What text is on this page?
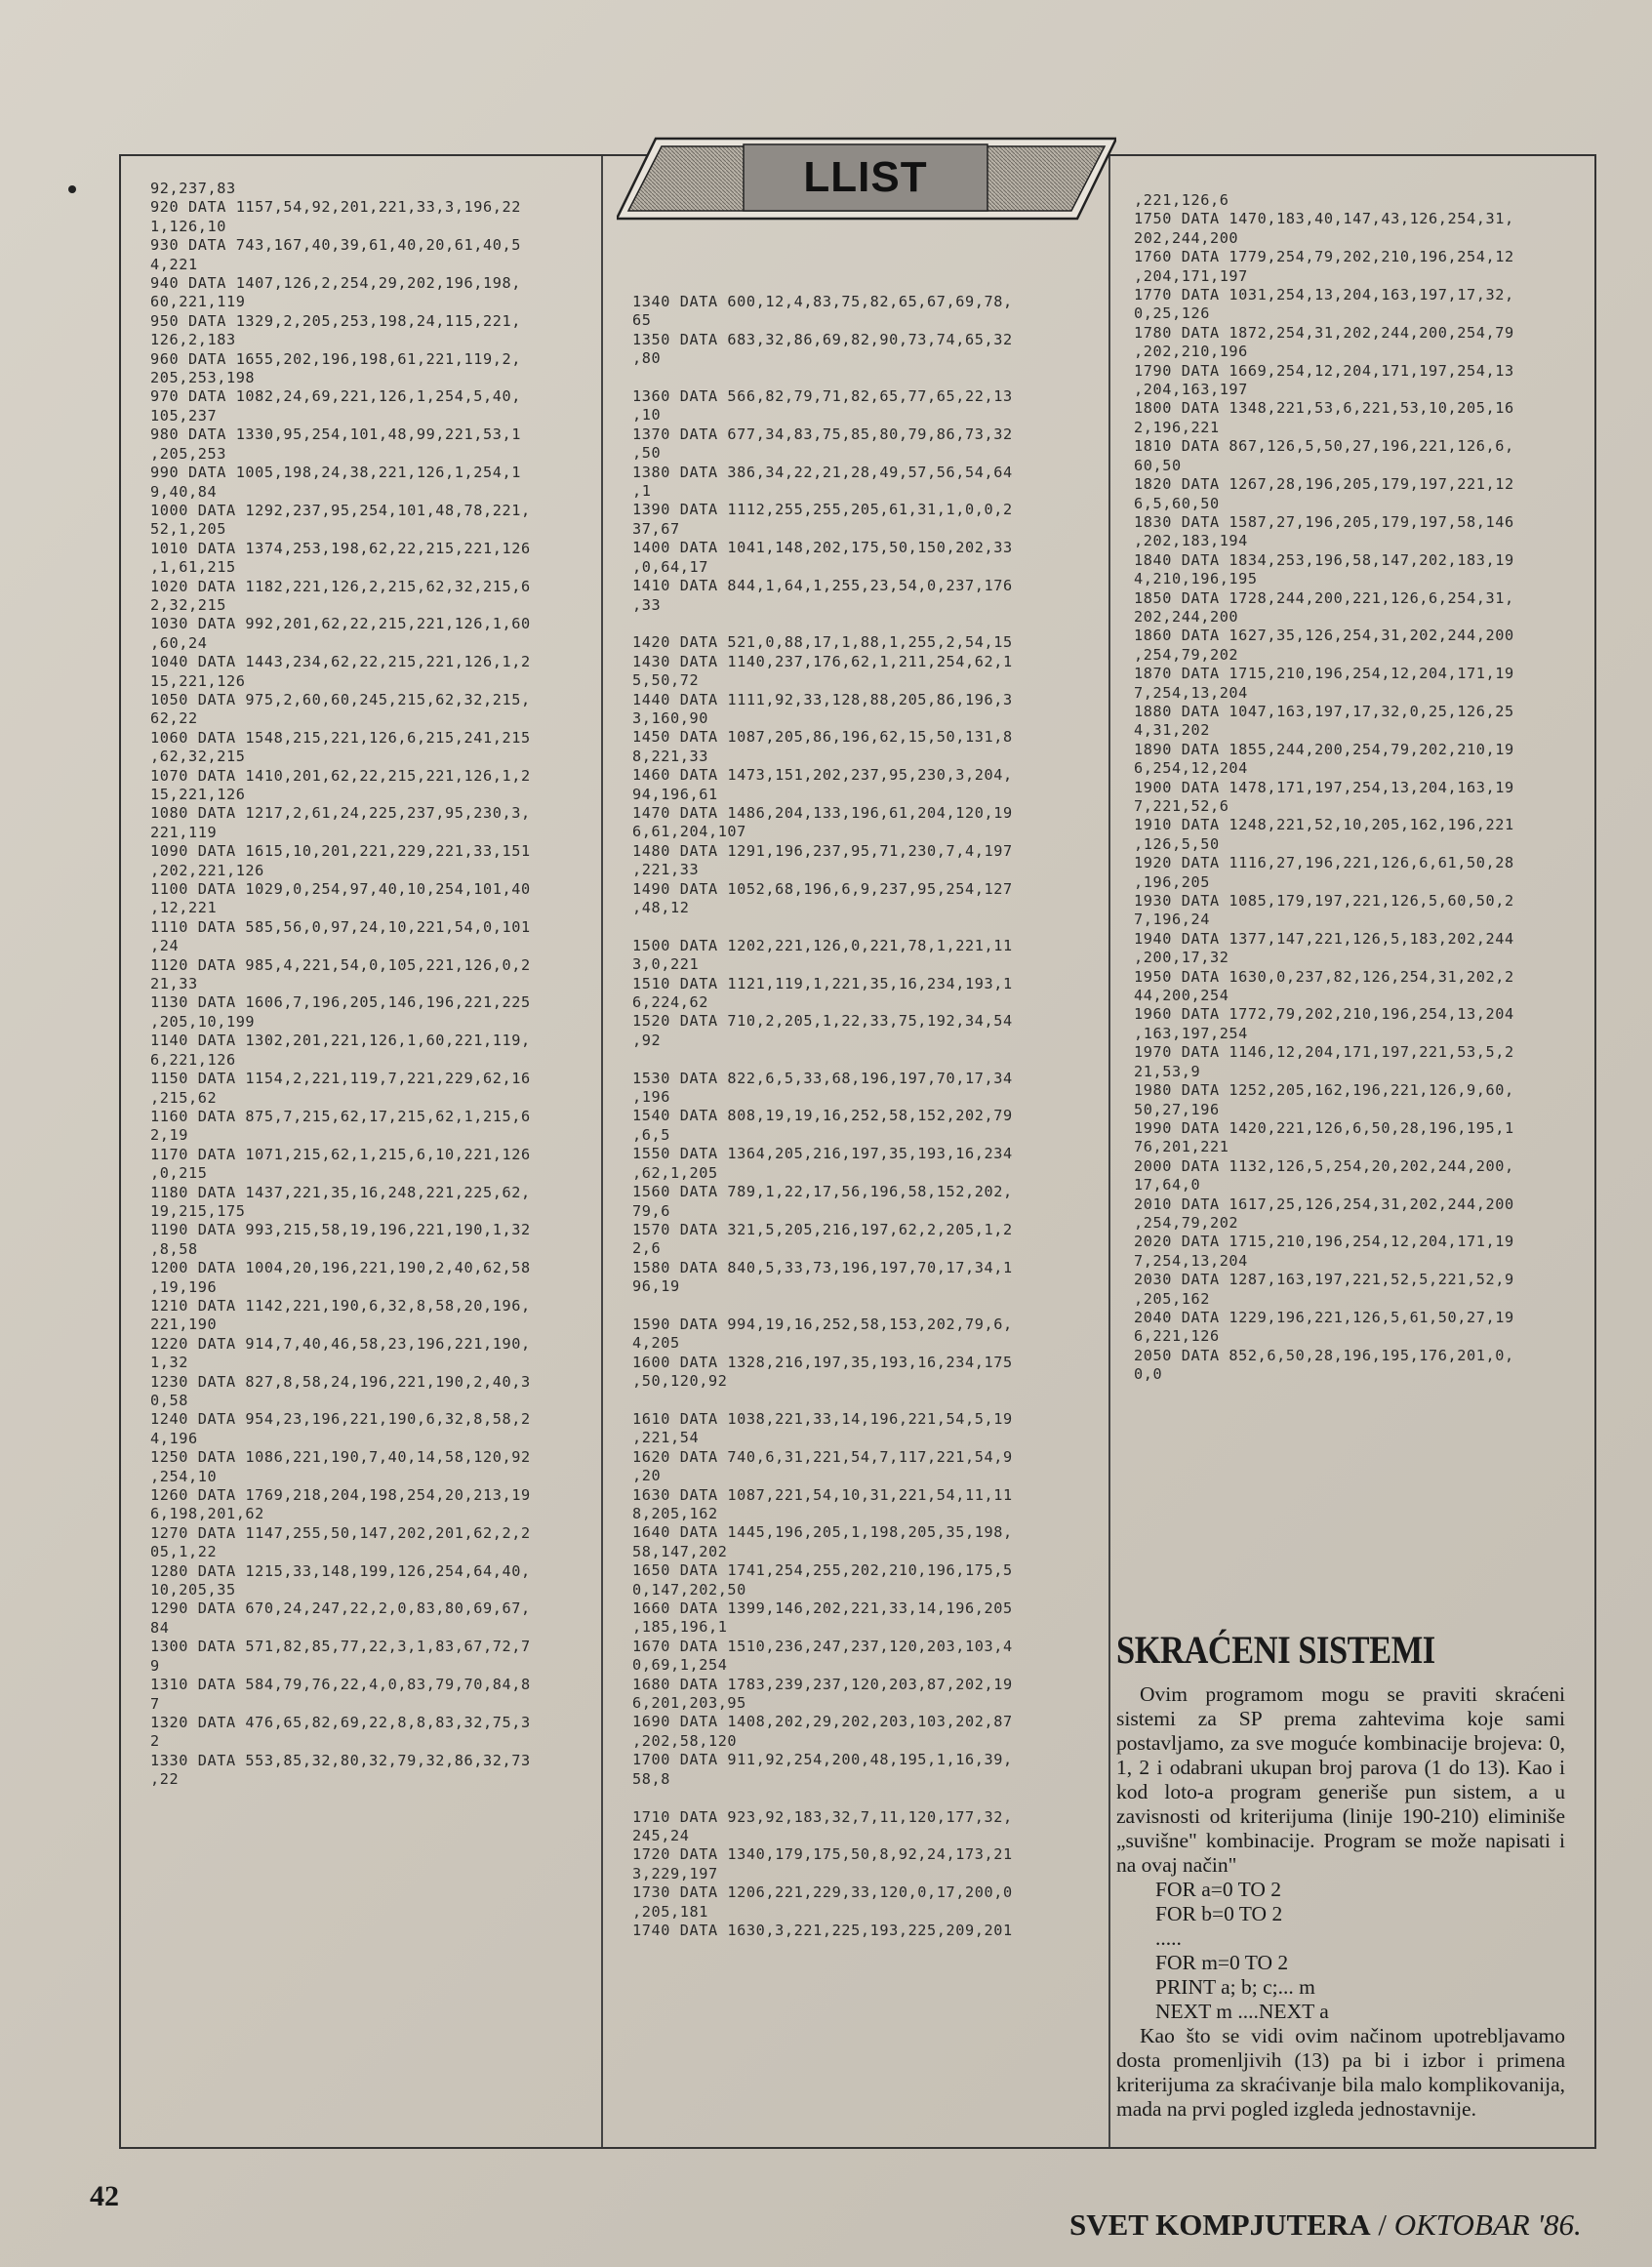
92,237,83
920 DATA 1157,54,92,201,221,33,3,196,22
1,126,10
930 DATA 743,167,40,39,61,40,20,61,40,5
4,221
940 DATA 1407,126,2,254,29,202,196,198,
60,221,119
950 DATA 1329,2,205,253,198,24,115,221,
126,2,183
960 DATA 1655,202,196,198,61,221,119,2,
205,253,198
970 DATA 1082,24,69,221,126,1,254,5,40,
105,237
980 DATA 1330,95,254,101,48,99,221,53,1
,205,253
990 DATA 1005,198,24,38,221,126,1,254,1
9,40,84
1000 DATA 1292,237,95,254,101,48,78,221,
52,1,205
1010 DATA 1374,253,198,62,22,215,221,126
,1,61,215
1020 DATA 1182,221,126,2,215,62,32,215,6
2,32,215
1030 DATA 992,201,62,22,215,221,126,1,60
,60,24
1040 DATA 1443,234,62,22,215,221,126,1,2
15,221,126
1050 DATA 975,2,60,60,245,215,62,32,215,
62,22
1060 DATA 1548,215,221,126,6,215,241,215
,62,32,215
1070 DATA 1410,201,62,22,215,221,126,1,2
15,221,126
1080 DATA 1217,2,61,24,225,237,95,230,3,
221,119
1090 DATA 1615,10,201,221,229,221,33,151
,202,221,126
1100 DATA 1029,0,254,97,40,10,254,101,40
,12,221
1110 DATA 585,56,0,97,24,10,221,54,0,101
,24
1120 DATA 985,4,221,54,0,105,221,126,0,2
21,33
1130 DATA 1606,7,196,205,146,196,221,225
,205,10,199
1140 DATA 1302,201,221,126,1,60,221,119,
6,221,126
1150 DATA 1154,2,221,119,7,221,229,62,16
,215,62
1160 DATA 875,7,215,62,17,215,62,1,215,6
2,19
1170 DATA 1071,215,62,1,215,6,10,221,126
,0,215
1180 DATA 1437,221,35,16,248,221,225,62,
19,215,175
1190 DATA 993,215,58,19,196,221,190,1,32
,8,58
1200 DATA 1004,20,196,221,190,2,40,62,58
,19,196
1210 DATA 1142,221,190,6,32,8,58,20,196,
221,190
1220 DATA 914,7,40,46,58,23,196,221,190,
1,32
1230 DATA 827,8,58,24,196,221,190,2,40,3
0,58
1240 DATA 954,23,196,221,190,6,32,8,58,2
4,196
1250 DATA 1086,221,190,7,40,14,58,120,92
,254,10
1260 DATA 1769,218,204,198,254,20,213,19
6,198,201,62
1270 DATA 1147,255,50,147,202,201,62,2,2
05,1,22
1280 DATA 1215,33,148,199,126,254,64,40,
10,205,35
1290 DATA 670,24,247,22,2,0,83,80,69,67,
84
1300 DATA 571,82,85,77,22,3,1,83,67,72,7
9
1310 DATA 584,79,76,22,4,0,83,79,70,84,8
7
1320 DATA 476,65,82,69,22,8,8,83,32,75,3
2
1330 DATA 553,85,32,80,32,79,32,86,32,73
,22
1340 DATA 600,12,4,83,75,82,65,67,69,78,
65
1350 DATA 683,32,86,69,82,90,73,74,65,32
,80

1360 DATA 566,82,79,71,82,65,77,65,22,13
,10
1370 DATA 677,34,83,75,85,80,79,86,73,32
,50
1380 DATA 386,34,22,21,28,49,57,56,54,64
,1
1390 DATA 1112,255,255,205,61,31,1,0,0,2
37,67
1400 DATA 1041,148,202,175,50,150,202,33
,0,64,17
1410 DATA 844,1,64,1,255,23,54,0,237,176
,33

1420 DATA 521,0,88,17,1,88,1,255,2,54,15
1430 DATA 1140,237,176,62,1,211,254,62,1
5,50,72
1440 DATA 1111,92,33,128,88,205,86,196,3
3,160,90
1450 DATA 1087,205,86,196,62,15,50,131,8
8,221,33
1460 DATA 1473,151,202,237,95,230,3,204,
94,196,61
1470 DATA 1486,204,133,196,61,204,120,19
6,61,204,107
1480 DATA 1291,196,237,95,71,230,7,4,197
,221,33
1490 DATA 1052,68,196,6,9,237,95,254,127
,48,12

1500 DATA 1202,221,126,0,221,78,1,221,11
3,0,221
1510 DATA 1121,119,1,221,35,16,234,193,1
6,224,62
1520 DATA 710,2,205,1,22,33,75,192,34,54
,92

1530 DATA 822,6,5,33,68,196,197,70,17,34
,196
1540 DATA 808,19,19,16,252,58,152,202,79
,6,5
1550 DATA 1364,205,216,197,35,193,16,234
,62,1,205
1560 DATA 789,1,22,17,56,196,58,152,202,
79,6
1570 DATA 321,5,205,216,197,62,2,205,1,2
2,6
1580 DATA 840,5,33,73,196,197,70,17,34,1
96,19

1590 DATA 994,19,16,252,58,153,202,79,6,
4,205
1600 DATA 1328,216,197,35,193,16,234,175
,50,120,92

1610 DATA 1038,221,33,14,196,221,54,5,19
,221,54
1620 DATA 740,6,31,221,54,7,117,221,54,9
,20
1630 DATA 1087,221,54,10,31,221,54,11,11
8,205,162
1640 DATA 1445,196,205,1,198,205,35,198,
58,147,202
1650 DATA 1741,254,255,202,210,196,175,5
0,147,202,50
1660 DATA 1399,146,202,221,33,14,196,205
,185,196,1
1670 DATA 1510,236,247,237,120,203,103,4
0,69,1,254
1680 DATA 1783,239,237,120,203,87,202,19
6,201,203,95
1690 DATA 1408,202,29,202,203,103,202,87
,202,58,120
1700 DATA 911,92,254,200,48,195,1,16,39,
58,8

1710 DATA 923,92,183,32,7,11,120,177,32,
245,24
1720 DATA 1340,179,175,50,8,92,24,173,21
3,229,197
1730 DATA 1206,221,229,33,120,0,17,200,0
,205,181
1740 DATA 1630,3,221,225,193,225,209,201
,221,126,6
1750 DATA 1470,183,40,147,43,126,254,31,
202,244,200
1760 DATA 1779,254,79,202,210,196,254,12
,204,171,197
1770 DATA 1031,254,13,204,163,197,17,32,
0,25,126
1780 DATA 1872,254,31,202,244,200,254,79
,202,210,196
1790 DATA 1669,254,12,204,171,197,254,13
,204,163,197
1800 DATA 1348,221,53,6,221,53,10,205,16
2,196,221
1810 DATA 867,126,5,50,27,196,221,126,6,
60,50
1820 DATA 1267,28,196,205,179,197,221,12
6,5,60,50
1830 DATA 1587,27,196,205,179,197,58,146
,202,183,194
1840 DATA 1834,253,196,58,147,202,183,19
4,210,196,195
1850 DATA 1728,244,200,221,126,6,254,31,
202,244,200
1860 DATA 1627,35,126,254,31,202,244,200
,254,79,202
1870 DATA 1715,210,196,254,12,204,171,19
7,254,13,204
1880 DATA 1047,163,197,17,32,0,25,126,25
4,31,202
1890 DATA 1855,244,200,254,79,202,210,19
6,254,12,204
1900 DATA 1478,171,197,254,13,204,163,19
7,221,52,6
1910 DATA 1248,221,52,10,205,162,196,221
,126,5,50
1920 DATA 1116,27,196,221,126,6,61,50,28
,196,205
1930 DATA 1085,179,197,221,126,5,60,50,2
7,196,24
1940 DATA 1377,147,221,126,5,183,202,244
,200,17,32
1950 DATA 1630,0,237,82,126,254,31,202,2
44,200,254
1960 DATA 1772,79,202,210,196,254,13,204
,163,197,254
1970 DATA 1146,12,204,171,197,221,53,5,2
21,53,9
1980 DATA 1252,205,162,196,221,126,9,60,
50,27,196
1990 DATA 1420,221,126,6,50,28,196,195,1
76,201,221
2000 DATA 1132,126,5,254,20,202,244,200,
17,64,0
2010 DATA 1617,25,126,254,31,202,244,200
,254,79,202
2020 DATA 1715,210,196,254,12,204,171,19
7,254,13,204
2030 DATA 1287,163,197,221,52,5,221,52,9
,205,162
2040 DATA 1229,196,221,126,5,61,50,27,19
6,221,126
2050 DATA 852,6,50,28,196,195,176,201,0,
0,0
LLIST
SKRAĆENI SISTEMI

Ovim programom mogu se praviti skraćeni sistemi za SP prema zahtevima koje sami postavljamo, za sve moguće kombinacije brojeva: 0, 1, 2 i odabrani ukupan broj parova (1 do 13). Kao i kod loto-a program generiše pun sistem, a u zavisnosti od kriterijuma (linije 190-210) eliminiše „suvišne" kombinacije. Program se može napisati i na ovaj način"

FOR a=0 TO 2
FOR b=0 TO 2
.....
FOR m=0 TO 2
PRINT a; b; c;... m
NEXT m ....NEXT a

Kao što se vidi ovim načinom upotrebljavamo dosta promenljivih (13) pa bi i izbor i primena kriterijuma za skraćivanje bila malo komplikovanija, mada na prvi pogled izgleda jednostavnije.

42
SVET KOMPJUTERA / OKTOBAR '86.
